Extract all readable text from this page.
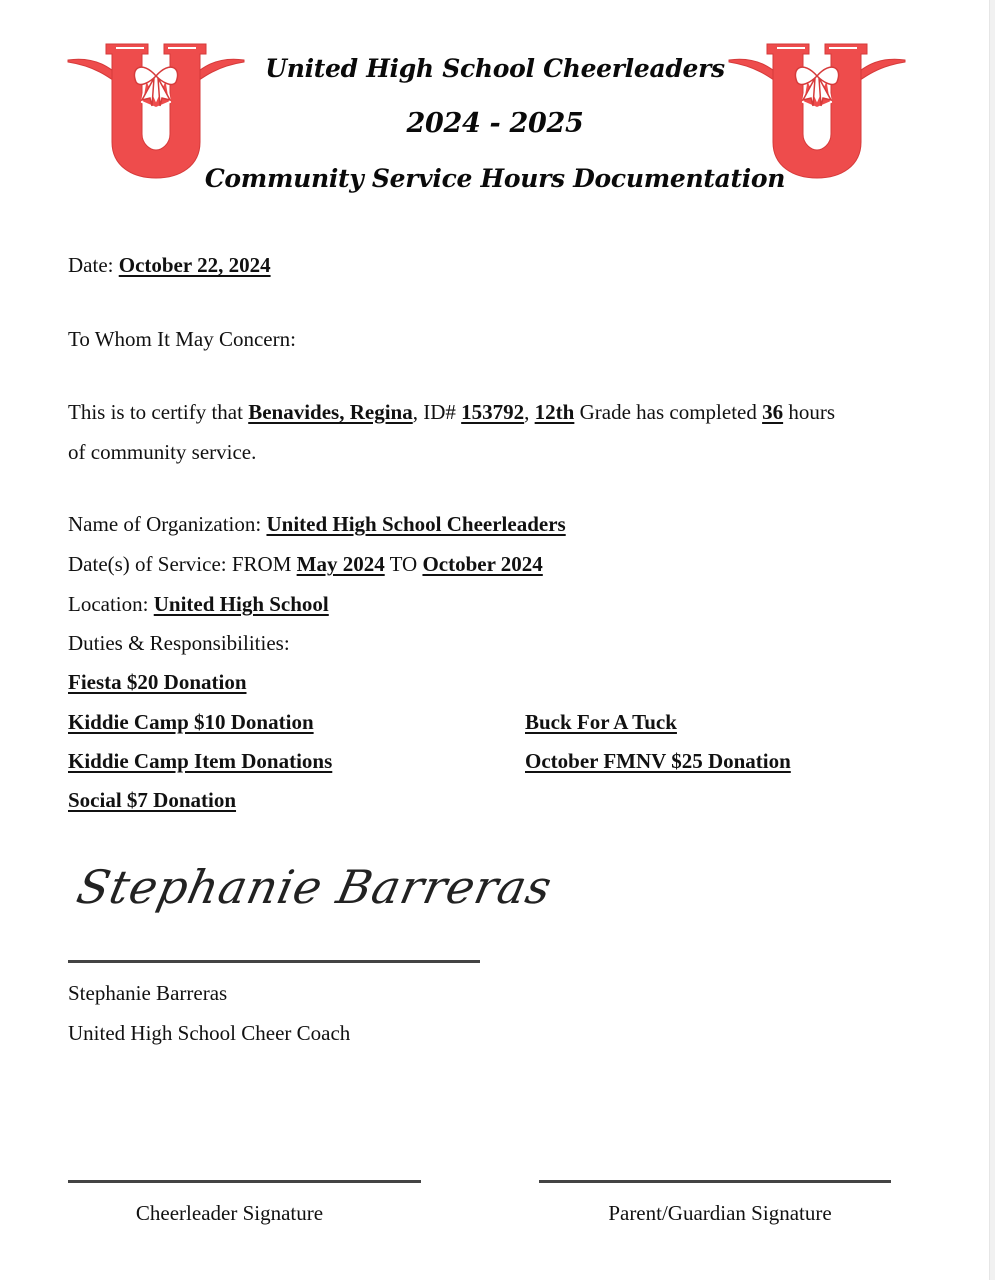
United High School Cheerleaders
2024 - 2025
Community Service Hours Documentation
Date: October 22, 2024
To Whom It May Concern:
This is to certify that Benavides, Regina, ID# 153792, 12th Grade has completed 36 hours
of community service.
Name of Organization: United High School Cheerleaders
Date(s) of Service: FROM May 2024 TO October 2024
Location: United High School
Duties & Responsibilities:
Fiesta $20 Donation
Kiddie Camp $10 Donation
Kiddie Camp Item Donations
Social $7 Donation
Buck For A Tuck
October FMNV $25 Donation
Stephanie Barreras
Stephanie Barreras
United High School Cheer Coach
Cheerleader Signature	Parent/Guardian Signature
